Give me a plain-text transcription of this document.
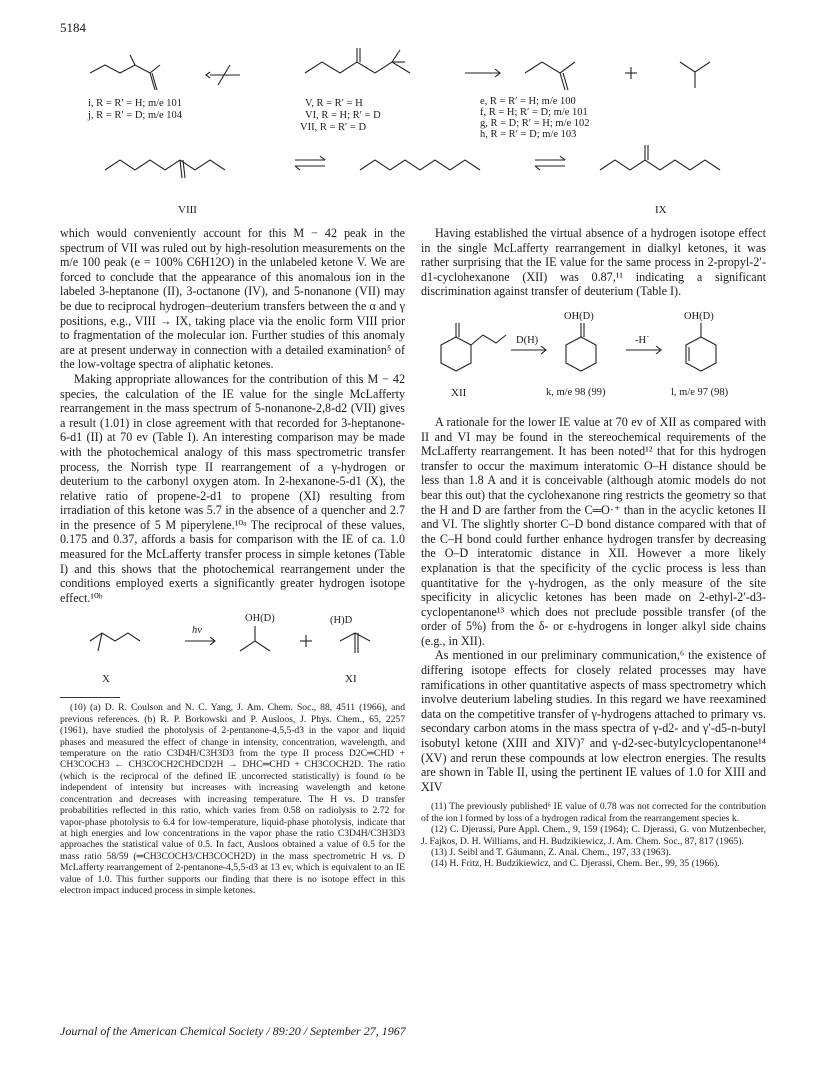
5184
i, R = R′ = H; m/e 101
j, R = R′ = D; m/e 104
V, R = R′ = H
VI, R = H; R′ = D
VII, R = R′ = D
e, R = R′ = H; m/e 100
f, R = H; R′ = D; m/e 101
g, R = D; R′ = H; m/e 102
h, R = R′ = D; m/e 103
VIII	IX

which would conveniently account for this M − 42 peak in the spectrum of VII was ruled out by high-resolution measurements on the m/e 100 peak (e = 100% C6H12O) in the unlabeled ketone V. We are forced to conclude that the appearance of this anomalous ion in the labeled 3-heptanone (II), 3-octanone (IV), and 5-nonanone (VII) may be due to reciprocal hydrogen–deuterium transfers between the α and γ positions, e.g., VIII → IX, taking place via the enolic form VIII prior to fragmentation of the molecular ion. Further studies of this anomaly are at present underway in connection with a detailed examination⁵ of the low-voltage spectra of aliphatic ketones.

Making appropriate allowances for the contribution of this M − 42 species, the calculation of the IE value for the single McLafferty rearrangement in the mass spectrum of 5-nonanone-2,8-d2 (VII) gives a result (1.01) in close agreement with that recorded for 3-heptanone-6-d1 (II) at 70 ev (Table I). An interesting comparison may be made with the photochemical analogy of this mass spectrometric transfer process, the Norrish type II rearrangement of a γ-hydrogen or deuterium to the carbonyl oxygen atom. In 2-hexanone-5-d1 (X), the relative ratio of propene-2-d1 to propene (XI) resulting from irradiation of this ketone was 5.7 in the absence of a quencher and 2.7 in the presence of 5 M piperylene.¹⁰ᵃ The reciprocal of these values, 0.175 and 0.37, affords a basis for comparison with the IE of ca. 1.0 measured for the McLafferty transfer process in simple ketones (Table I) and this shows that the photochemical rearrangement under the conditions employed exerts a significantly greater hydrogen isotope effect.¹⁰ᵇ

hν
OH(D)	(H)D
X	XI

(10) (a) D. R. Coulson and N. C. Yang, J. Am. Chem. Soc., 88, 4511 (1966), and previous references. (b) R. P. Borkowski and P. Ausloos, J. Phys. Chem., 65, 2257 (1961), have studied the photolysis of 2-pentanone-4,5,5-d3 in the vapor and liquid phases and measured the effect of change in intensity, concentration, wavelength, and temperature on the ratio C3D4H/C3H3D3 from the type II process D2C═CHD + CH3COCH3 ← CH3COCH2CHDCD2H → DHC═CHD + CH3COCH2D. The ratio (which is the reciprocal of the defined IE uncorrected statistically) is found to be independent of intensity but increases with increasing wavelength and ketone concentration and decreases with increasing temperature. The H vs. D transfer probabilities reflected in this ratio, which varies from 0.58 on radiolysis to 2.72 for vapor-phase photolysis to 6.4 for low-temperature, liquid-phase photolysis, indicate that at high energies and low concentrations in the vapor phase the ratio C3D4H/C3H3D3 approaches the statistical value of 0.5. In fact, Ausloos obtained a value of 0.5 for the mass ratio 58/59 (═CH3COCH3/CH3COCH2D) in the mass spectrometric H vs. D McLafferty rearrangement of 2-pentanone-4,5,5-d3 at 13 ev, which is equivalent to an IE value of 1.0. This further supports our finding that there is no isotope effect in this electron impact induced process in simple ketones.

Having established the virtual absence of a hydrogen isotope effect in the single McLafferty rearrangement in dialkyl ketones, it was rather surprising that the IE value for the same process in 2-propyl-2′-d1-cyclohexanone (XII) was 0.87,¹¹ indicating a significant discrimination against transfer of deuterium (Table I).

D(H)	-H˙
OH(D)	OH(D)
XII	k, m/e 98 (99)	l, m/e 97 (98)

A rationale for the lower IE value at 70 ev of XII as compared with II and VI may be found in the stereochemical requirements of the McLafferty rearrangement. It has been noted¹² that for this hydrogen transfer to occur the maximum interatomic O–H distance should be less than 1.8 A and it is conceivable (although atomic models do not bear this out) that the cyclohexanone ring restricts the geometry so that the H and D are farther from the C═O·⁺ than in the acyclic ketones II and VI. The slightly shorter C–D bond distance compared with that of the C–H bond could further enhance hydrogen transfer by decreasing the O–D interatomic distance in XII. However a more likely explanation is that the specificity of the cyclic process is less than quantitative for the γ-hydrogen, as the only measure of the site specificity in alicyclic ketones has been made on 2-ethyl-2′-d3-cyclopentanone¹³ which does not preclude possible transfer (of the order of 5%) from the δ- or ε-hydrogens in longer alkyl side chains (e.g., in XII).

As mentioned in our preliminary communication,⁶ the existence of differing isotope effects for closely related processes may have ramifications in other quantitative aspects of mass spectrometry which involve deuterium labeling studies. In this regard we have reexamined data on the competitive transfer of γ-hydrogens attached to primary vs. secondary carbon atoms in the mass spectra of γ-d2- and γ′-d5-n-butyl isobutyl ketone (XIII and XIV)⁷ and γ-d2-sec-butylcyclopentanone¹⁴ (XV) and rerun these compounds at low electron energies. The results are shown in Table II, using the pertinent IE values of 1.0 for XIII and XIV

(11) The previously published⁶ IE value of 0.78 was not corrected for the contribution of the ion l formed by loss of a hydrogen radical from the rearrangement species k.

(12) C. Djerassi, Pure Appl. Chem., 9, 159 (1964); C. Djerassi, G. von Mutzenbecher, J. Fajkos, D. H. Williams, and H. Budzikiewicz, J. Am. Chem. Soc., 87, 817 (1965).

(13) J. Seibl and T. Gäumann, Z. Anal. Chem., 197, 33 (1963).

(14) H. Fritz, H. Budzikiewicz, and C. Djerassi, Chem. Ber., 99, 35 (1966).

Journal of the American Chemical Society / 89:20 / September 27, 1967
